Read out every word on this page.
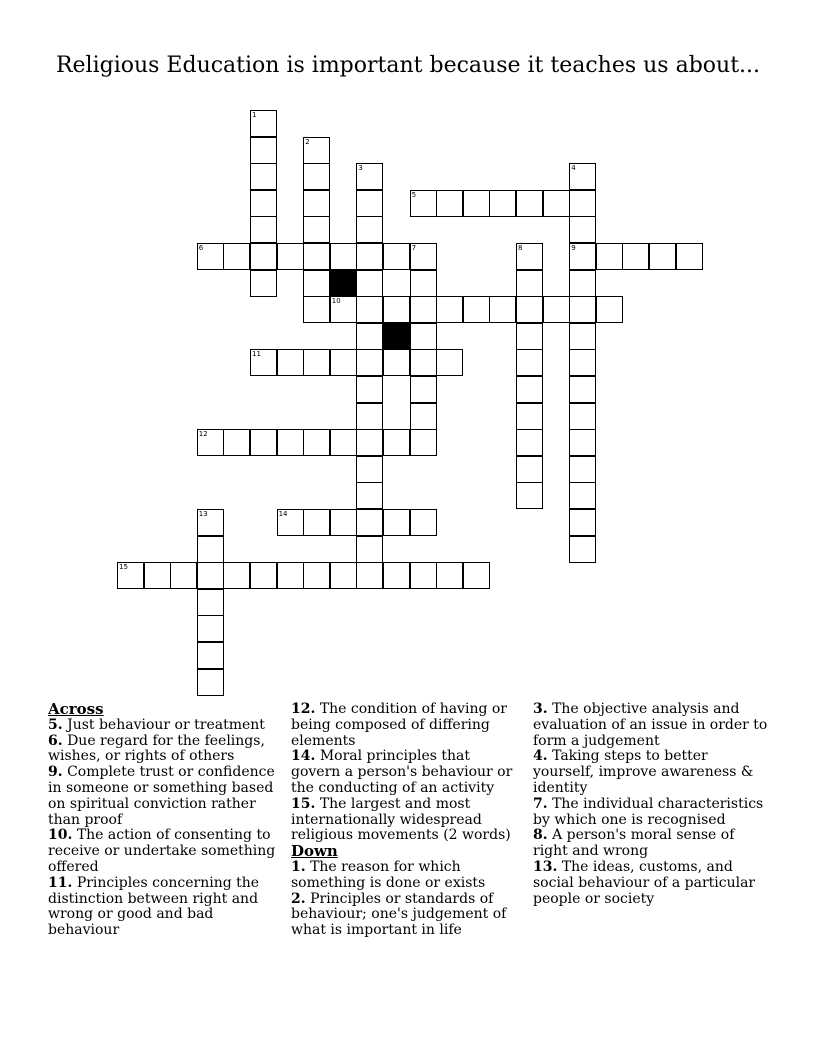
Religious Education is important because it teaches us about...
1
2
3	4
5
6	7	8	9
10
11
12
13	14
15
Across
5. Just behaviour or treatment
6. Due regard for the feelings, wishes, or rights of others
9. Complete trust or confidence in someone or something based on spiritual conviction rather than proof
10. The action of consenting to receive or undertake something offered
11. Principles concerning the distinction between right and wrong or good and bad behaviour
12. The condition of having or being composed of differing elements
14. Moral principles that govern a person's behaviour or the conducting of an activity
15. The largest and most internationally widespread religious movements (2 words)
Down
1. The reason for which something is done or exists
2. Principles or standards of behaviour; one's judgement of what is important in life
3. The objective analysis and evaluation of an issue in order to form a judgement
4. Taking steps to better yourself, improve awareness & identity
7. The individual characteristics by which one is recognised
8. A person's moral sense of right and wrong
13. The ideas, customs, and social behaviour of a particular people or society
